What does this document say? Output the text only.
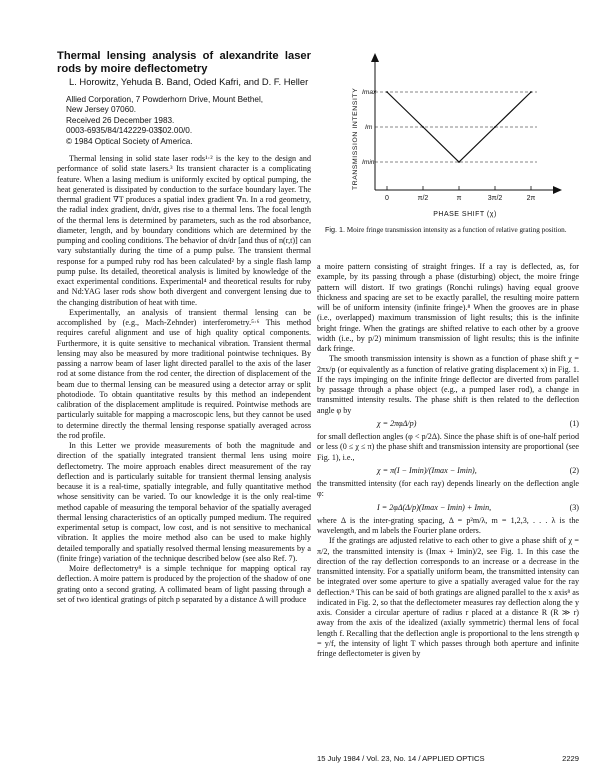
Thermal lensing analysis of alexandrite laser rods by moire deflectometry

L. Horowitz, Yehuda B. Band, Oded Kafri, and D. F. Heller

Allied Corporation, 7 Powderhorn Drive, Mount Bethel,
New Jersey 07060.
Received 26 December 1983.
0003-6935/84/142229-03$02.00/0.
© 1984 Optical Society of America.

Thermal lensing in solid state laser rods¹·² is the key to the design and performance of solid state lasers.³ Its transient character is a complicating feature. When a lasing medium is uniformly excited by optical pumping, the heat generated is dissipated by conduction to the surface boundary layer. The thermal gradient ∇T produces a spatial index gradient ∇n. In a rod geometry, the radial index gradient, dn/dr, gives rise to a thermal lens. The focal length of the thermal lens is determined by parameters, such as the rod absorbance, diameter, length, and by boundary conditions which are determined by the pumping and cooling conditions. The behavior of dn/dr [and thus of n(r,t)] can vary substantially during the time of a pump pulse. The transient thermal response for a pumped ruby rod has been calculated² by a single flash lamp pump pulse. Its detailed, theoretical analysis is limited by knowledge of the exact experimental conditions. Experimental⁴ and theoretical results for ruby and Nd:YAG laser rods show both divergent and convergent lensing due to the changing distribution of heat with time.

Experimentally, an analysis of transient thermal lensing can be accomplished by (e.g., Mach-Zehnder) interferometry.⁵·⁶ This method requires careful alignment and use of high quality optical components. Furthermore, it is quite sensitive to mechanical vibration. Transient thermal lensing may also be measured by more traditional pointwise techniques. By passing a narrow beam of laser light directed parallel to the axis of the laser rod at some distance from the rod center, the direction of displacement of the beam due to thermal lensing can be measured using a detector array or split photodiode. To obtain quantitative results by this method an independent calibration of the displacement amplitude is required. Pointwise methods are particularly suitable for mapping a macroscopic lens, but they cannot be used to determine directly the thermal lensing response spatially averaged across the rod profile.

In this Letter we provide measurements of both the magnitude and direction of the spatially integrated transient thermal lens using moire deflectometry. The moire approach enables direct measurement of the ray deflection and is particularly suitable for transient thermal lensing analysis because it is a real-time, spatially integrable, and fully quantitative method whose sensitivity can be varied. To our knowledge it is the only real-time method capable of measuring the temporal behavior of the spatially averaged thermal lensing characteristics of an optically pumped medium. The required experimental setup is compact, low cost, and is not sensitive to mechanical vibration. It applies the moire method also can be used to make highly detailed temporally and spatially resolved thermal lensing measurements by a (finite fringe) variation of the technique described below (see also Ref. 7).

Moire deflectometry⁸ is a simple technique for mapping optical ray deflection. A moire pattern is produced by the projection of the shadow of one grating onto a second grating. A collimated beam of light passing through a set of two identical gratings of pitch p separated by a distance Δ will produce

TRANSMISSION INTENSITY
PHASE SHIFT (χ)
Imax
Im
Imin
0	π/2	π	3π/2	2π
Fig. 1. Moire fringe transmission intensity as a function of relative grating position.

a moire pattern consisting of straight fringes. If a ray is deflected, as, for example, by its passing through a phase (disturbing) object, the moire fringe pattern will distort. If two gratings (Ronchi rulings) having equal groove thickness and spacing are set to be exactly parallel, the resulting moire pattern will be of uniform intensity (infinite fringe).⁸ When the grooves are in phase (i.e., overlapped) maximum transmission of light results; this is the infinite bright fringe. When the gratings are shifted relative to each other by a groove width (i.e., by p/2) minimum transmission of light results; this is the infinite dark fringe.

The smooth transmission intensity is shown as a function of phase shift χ = 2πx/p (or equivalently as a function of relative grating displacement x) in Fig. 1. If the rays impinging on the infinite fringe deflector are diverted from parallel by passage through a phase object (e.g., a pumped laser rod), a change in transmitted intensity results. The phase shift is then related to the deflection angle φ by

χ = 2πφΔ/p)	(1)

for small deflection angles (φ < p/2Δ). Since the phase shift is of one-half period or less (0 ≤ χ ≤ π) the phase shift and transmission intensity are proportional (see Fig. 1), i.e.,

χ = π(I − Imin)/(Imax − Imin),	(2)

the transmitted intensity (for each ray) depends linearly on the deflection angle φ:

I = 2φΔ(Δ/p)(Imax − Imin) + Imin,	(3)

where Δ is the inter-grating spacing, Δ = p²m/λ, m = 1,2,3, . . . λ is the wavelength, and m labels the Fourier plane orders.

If the gratings are adjusted relative to each other to give a phase shift of χ = π/2, the transmitted intensity is (Imax + Imin)/2, see Fig. 1. In this case the direction of the ray deflection corresponds to an increase or a decrease in the transmitted intensity. For a spatially uniform beam, the transmitted intensity can be integrated over some aperture to give a spatially averaged value for the ray deflection.⁹ This can be said of both gratings are aligned parallel to the x axis⁸ as indicated in Fig. 2, so that the deflectometer measures ray deflection along the y axis. Consider a circular aperture of radius r placed at a distance R (R ≫ r) away from the axis of the idealized (axially symmetric) thermal lens of focal length f. Recalling that the deflection angle is proportional to the lens strength φ = y/f, the intensity of light T which passes through both aperture and infinite fringe deflectometer is given by

15 July 1984 / Vol. 23, No. 14 / APPLIED OPTICS	2229
